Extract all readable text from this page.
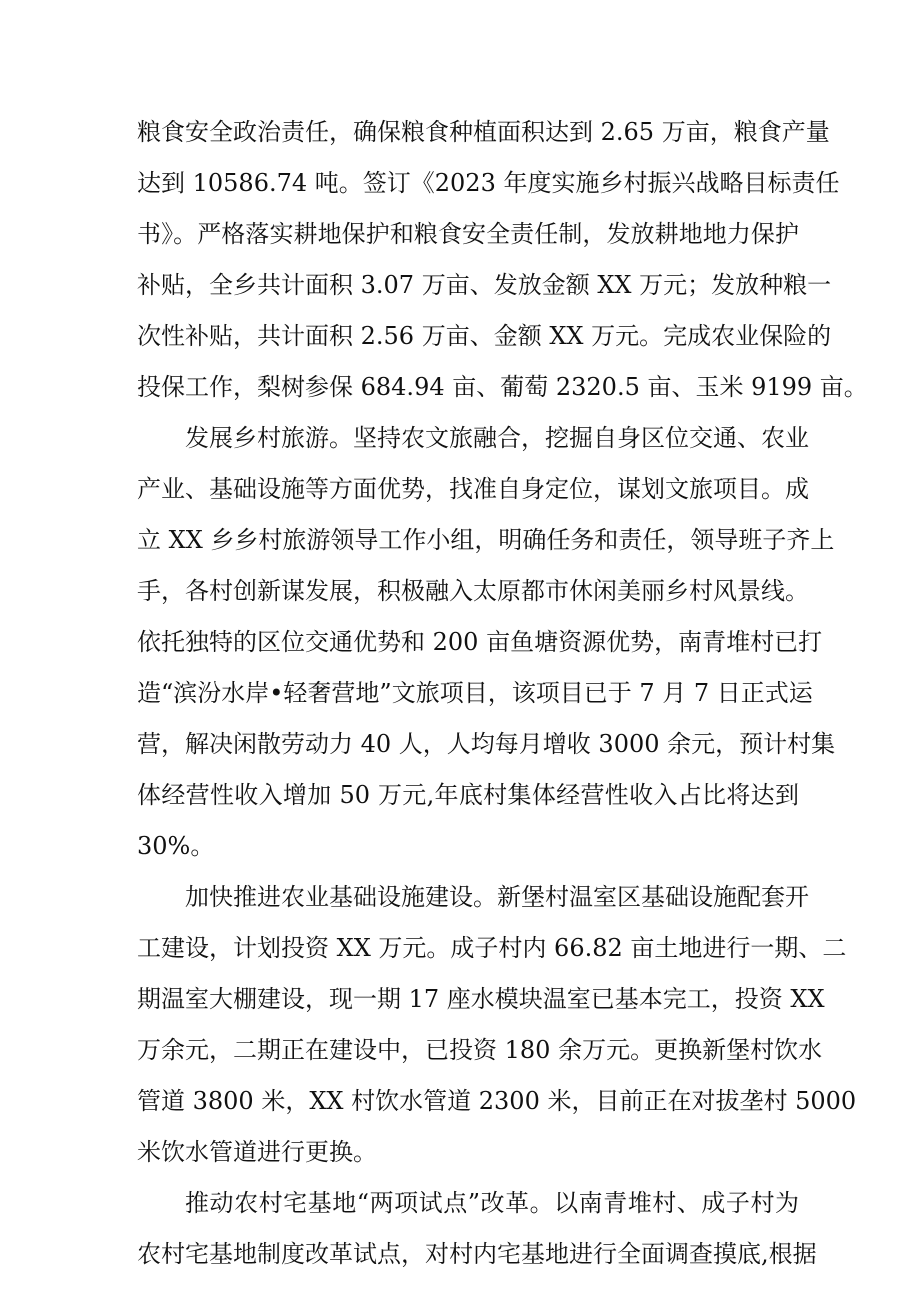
粮食安全政治责任，确保粮食种植面积达到 2.65 万亩，粮食产量
达到 10586.74 吨。签订《2023 年度实施乡村振兴战略目标责任
书》。严格落实耕地保护和粮食安全责任制，发放耕地地力保护
补贴，全乡共计面积 3.07 万亩、发放金额 XX 万元；发放种粮一
次性补贴，共计面积 2.56 万亩、金额 XX 万元。完成农业保险的
投保工作，梨树参保 684.94 亩、葡萄 2320.5 亩、玉米 9199 亩。
发展乡村旅游。坚持农文旅融合，挖掘自身区位交通、农业
产业、基础设施等方面优势，找准自身定位，谋划文旅项目。成
立 XX 乡乡村旅游领导工作小组，明确任务和责任，领导班子齐上
手，各村创新谋发展，积极融入太原都市休闲美丽乡村风景线。
依托独特的区位交通优势和 200 亩鱼塘资源优势，南青堆村已打
造“滨汾水岸•轻奢营地”文旅项目，该项目已于 7 月 7 日正式运
营，解决闲散劳动力 40 人，人均每月增收 3000 余元，预计村集
体经营性收入增加 50 万元,年底村集体经营性收入占比将达到
30%。
加快推进农业基础设施建设。新堡村温室区基础设施配套开
工建设，计划投资 XX 万元。成子村内 66.82 亩土地进行一期、二
期温室大棚建设，现一期 17 座水模块温室已基本完工，投资 XX
万余元，二期正在建设中，已投资 180 余万元。更换新堡村饮水
管道 3800 米，XX 村饮水管道 2300 米，目前正在对拔垄村 5000
米饮水管道进行更换。
推动农村宅基地“两项试点”改革。以南青堆村、成子村为
农村宅基地制度改革试点，对村内宅基地进行全面调查摸底,根据
